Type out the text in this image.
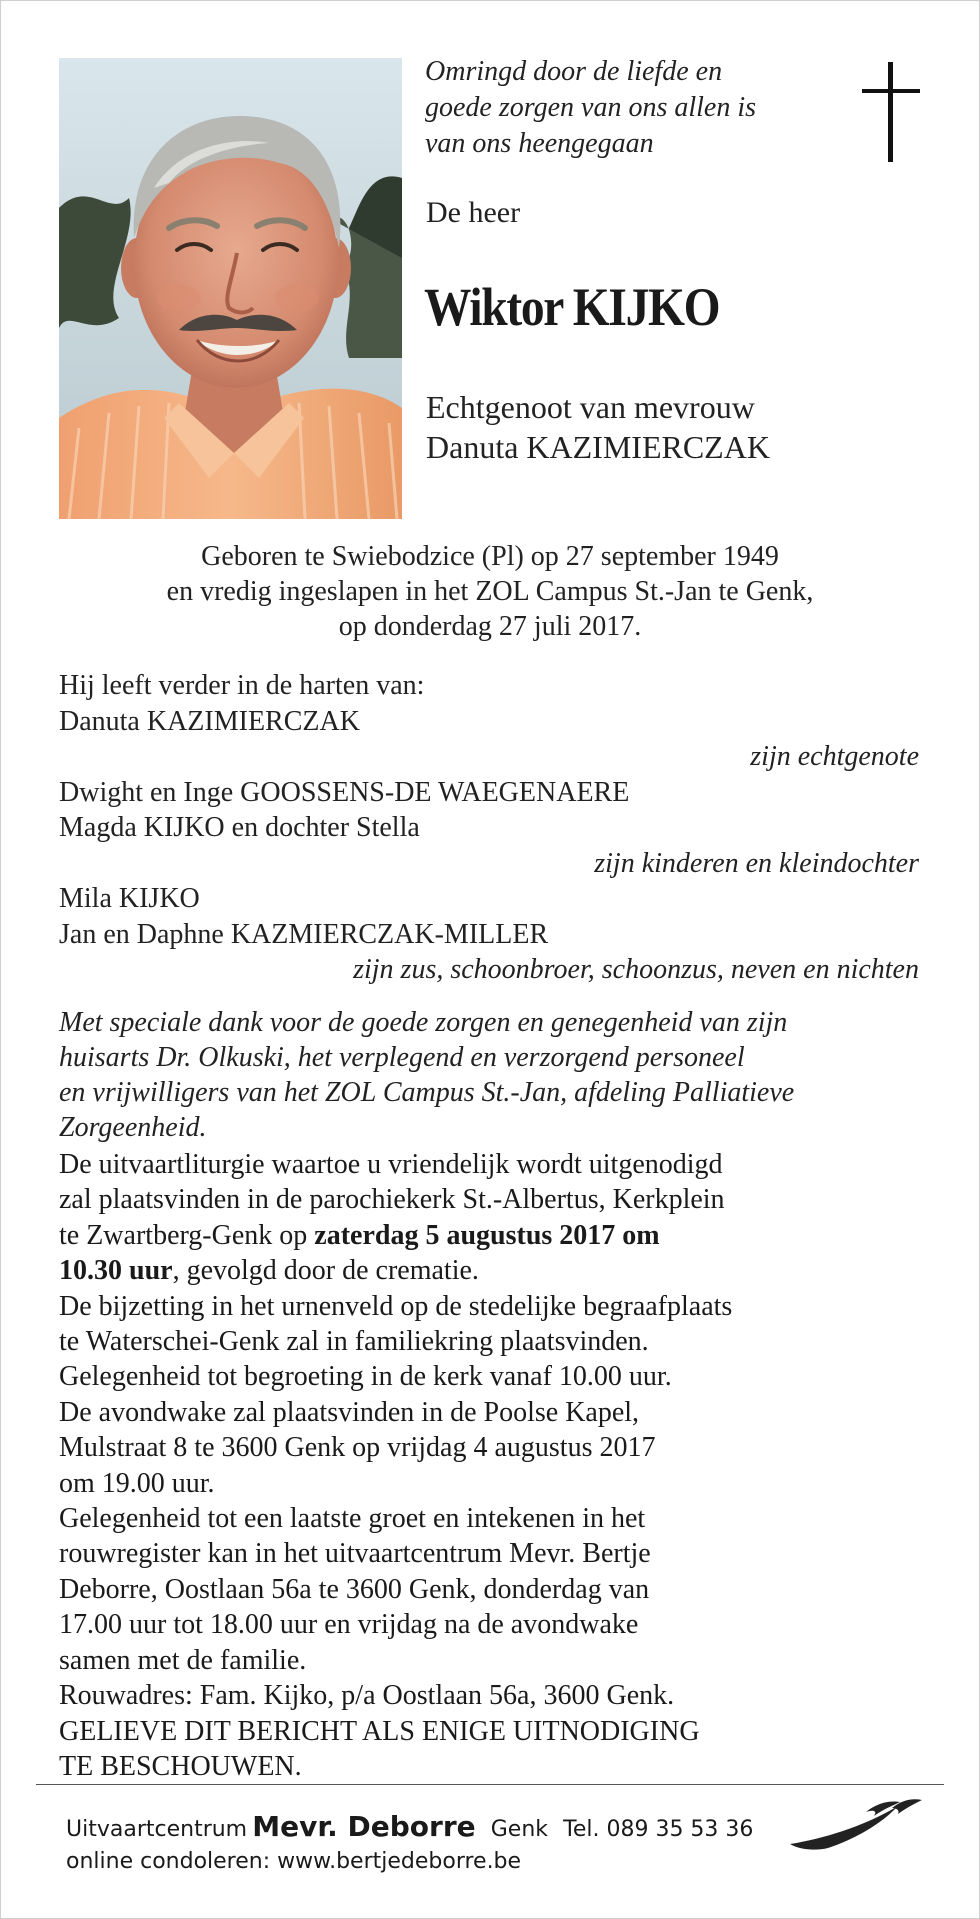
Omringd door de liefde en
goede zorgen van ons allen is
van ons heengegaan

De heer
Wiktor KIJKO
Echtgenoot van mevrouw
Danuta KAZIMIERCZAK
Geboren te Swiebodzice (Pl) op 27 september 1949
en vredig ingeslapen in het ZOL Campus St.-Jan te Genk,
op donderdag 27 juli 2017.
Hij leeft verder in de harten van:
Danuta KAZIMIERCZAK
zijn echtgenote
Dwight en Inge GOOSSENS-DE WAEGENAERE
Magda KIJKO en dochter Stella
zijn kinderen en kleindochter
Mila KIJKO
Jan en Daphne KAZMIERCZAK-MILLER
zijn zus, schoonbroer, schoonzus, neven en nichten
Met speciale dank voor de goede zorgen en genegenheid van zijn
huisarts Dr. Olkuski, het verplegend en verzorgend personeel
en vrijwilligers van het ZOL Campus St.-Jan, afdeling Palliatieve
Zorgeenheid.
De uitvaartliturgie waartoe u vriendelijk wordt uitgenodigd
zal plaatsvinden in de parochiekerk St.-Albertus, Kerkplein
te Zwartberg-Genk op zaterdag 5 augustus 2017 om
10.30 uur, gevolgd door de crematie.
De bijzetting in het urnenveld op de stedelijke begraafplaats
te Waterschei-Genk zal in familiekring plaatsvinden.
Gelegenheid tot begroeting in de kerk vanaf 10.00 uur.
De avondwake zal plaatsvinden in de Poolse Kapel,
Mulstraat 8 te 3600 Genk op vrijdag 4 augustus 2017
om 19.00 uur.
Gelegenheid tot een laatste groet en intekenen in het
rouwregister kan in het uitvaartcentrum Mevr. Bertje
Deborre, Oostlaan 56a te 3600 Genk, donderdag van
17.00 uur tot 18.00 uur en vrijdag na de avondwake
samen met de familie.
Rouwadres: Fam. Kijko, p/a Oostlaan 56a, 3600 Genk.
GELIEVE DIT BERICHT ALS ENIGE UITNODIGING
TE BESCHOUWEN.
Uitvaartcentrum Mevr. Deborre Genk Tel. 089 35 53 36
online condoleren: www.bertjedeborre.be
